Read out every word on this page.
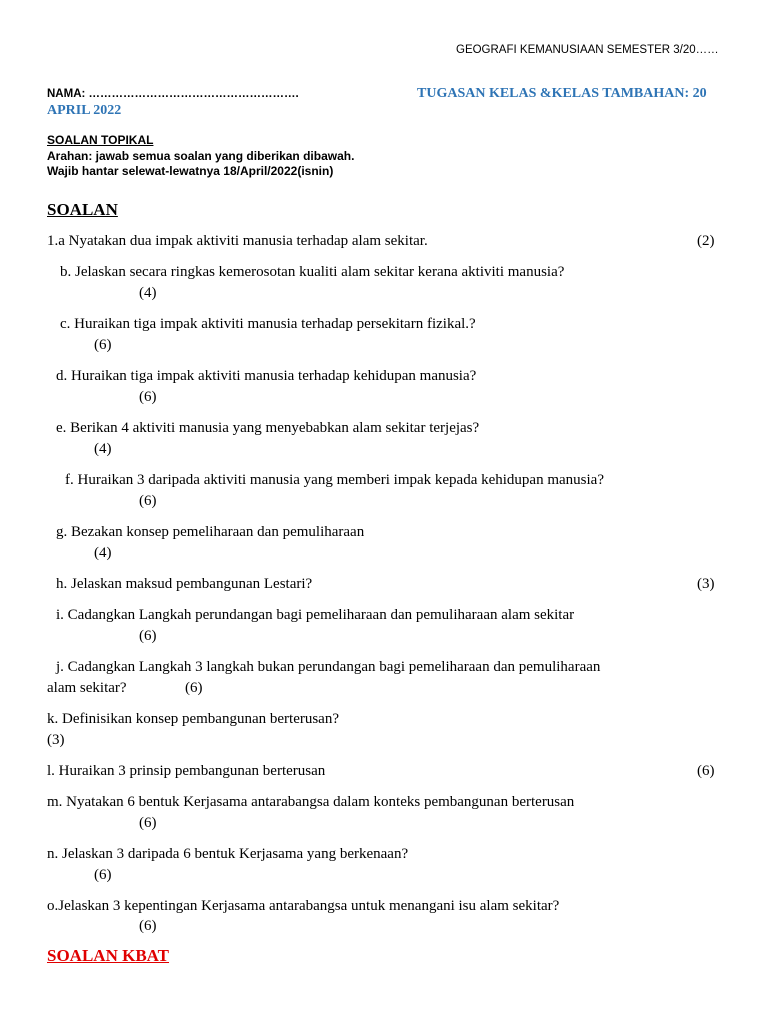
GEOGRAFI KEMANUSIAAN SEMESTER 3/20……
NAMA: ……………………………………………….	TUGASAN KELAS &KELAS TAMBAHAN: 20
APRIL 2022
SOALAN TOPIKAL
Arahan: jawab semua soalan yang diberikan dibawah.
Wajib hantar selewat-lewatnya 18/April/2022(isnin)
SOALAN
1.a Nyatakan dua impak aktiviti manusia terhadap alam sekitar.	(2)
b. Jelaskan secara ringkas kemerosotan kualiti alam sekitar kerana aktiviti manusia?
(4)
c. Huraikan tiga impak aktiviti manusia terhadap persekitarn fizikal.?
(6)
d. Huraikan tiga impak aktiviti manusia terhadap kehidupan manusia?
(6)
e. Berikan 4 aktiviti manusia yang menyebabkan alam sekitar terjejas?
(4)
f. Huraikan 3 daripada aktiviti manusia yang memberi impak kepada kehidupan manusia?
(6)
g. Bezakan konsep pemeliharaan dan pemuliharaan
(4)
h. Jelaskan maksud pembangunan Lestari?	(3)
i. Cadangkan Langkah perundangan bagi pemeliharaan dan pemuliharaan alam sekitar
(6)
j. Cadangkan Langkah 3 langkah bukan perundangan bagi pemeliharaan dan pemuliharaan
alam sekitar?	(6)
k. Definisikan konsep pembangunan berterusan?
(3)
l. Huraikan 3 prinsip pembangunan berterusan	(6)
m. Nyatakan 6 bentuk Kerjasama antarabangsa dalam konteks pembangunan berterusan
(6)
n. Jelaskan 3 daripada 6 bentuk Kerjasama yang berkenaan?
(6)
o.Jelaskan 3 kepentingan Kerjasama antarabangsa untuk menangani isu alam sekitar?
(6)
SOALAN KBAT
